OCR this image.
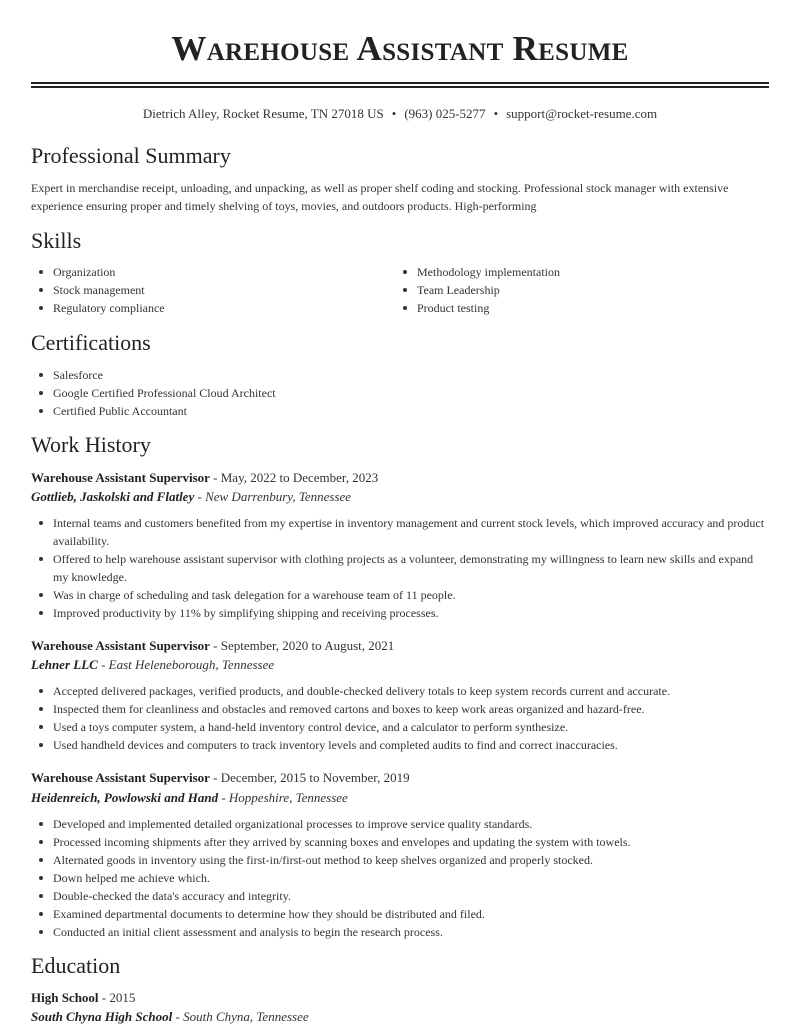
Warehouse Assistant Resume
Dietrich Alley, Rocket Resume, TN 27018 US • (963) 025-5277 • support@rocket-resume.com
Professional Summary

Expert in merchandise receipt, unloading, and unpacking, as well as proper shelf coding and stocking. Professional stock manager with extensive experience ensuring proper and timely shelving of toys, movies, and outdoors products. High-performing

Skills
Organization
Stock management
Regulatory compliance
Methodology implementation
Team Leadership
Product testing
Certifications
Salesforce
Google Certified Professional Cloud Architect
Certified Public Accountant
Work History

Warehouse Assistant Supervisor - May, 2022 to December, 2023

Gottlieb, Jaskolski and Flatley - New Darrenbury, Tennessee

Internal teams and customers benefited from my expertise in inventory management and current stock levels, which improved accuracy and product availability.
Offered to help warehouse assistant supervisor with clothing projects as a volunteer, demonstrating my willingness to learn new skills and expand my knowledge.
Was in charge of scheduling and task delegation for a warehouse team of 11 people.
Improved productivity by 11% by simplifying shipping and receiving processes.

Warehouse Assistant Supervisor - September, 2020 to August, 2021

Lehner LLC - East Heleneborough, Tennessee

Accepted delivered packages, verified products, and double-checked delivery totals to keep system records current and accurate.
Inspected them for cleanliness and obstacles and removed cartons and boxes to keep work areas organized and hazard-free.
Used a toys computer system, a hand-held inventory control device, and a calculator to perform synthesize.
Used handheld devices and computers to track inventory levels and completed audits to find and correct inaccuracies.

Warehouse Assistant Supervisor - December, 2015 to November, 2019

Heidenreich, Powlowski and Hand - Hoppeshire, Tennessee

Developed and implemented detailed organizational processes to improve service quality standards.
Processed incoming shipments after they arrived by scanning boxes and envelopes and updating the system with towels.
Alternated goods in inventory using the first-in/first-out method to keep shelves organized and properly stocked.
Down helped me achieve which.
Double-checked the data's accuracy and integrity.
Examined departmental documents to determine how they should be distributed and filed.
Conducted an initial client assessment and analysis to begin the research process.
Education

High School - 2015

South Chyna High School - South Chyna, Tennessee
